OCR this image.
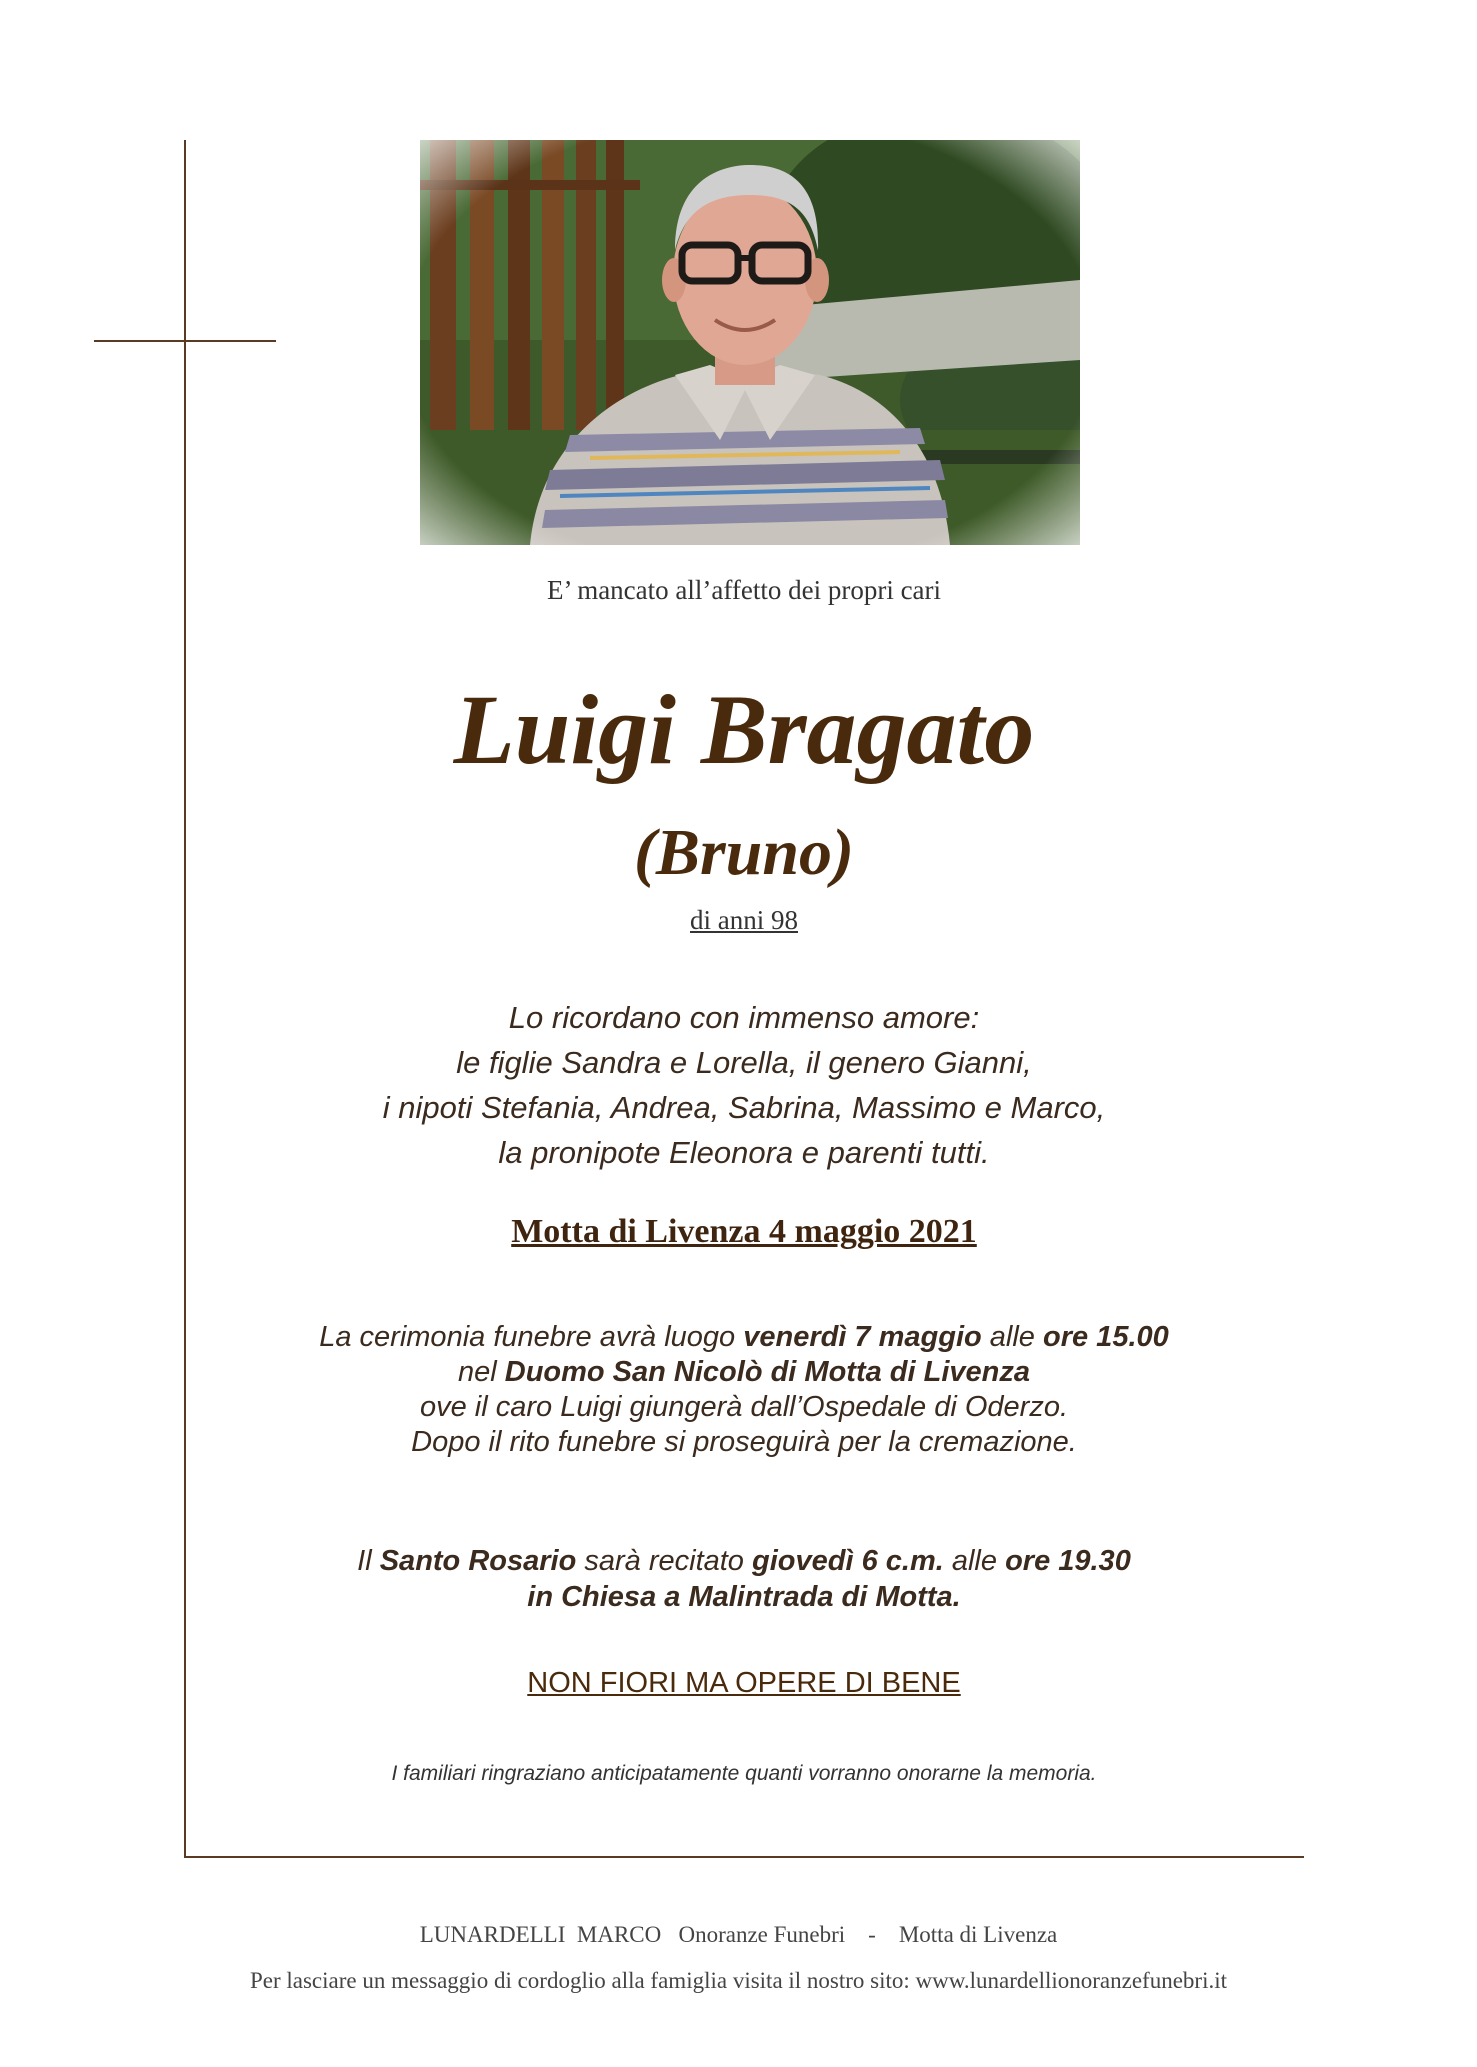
E’ mancato all’affetto dei propri cari
Luigi Bragato
(Bruno)
di anni 98
Lo ricordano con immenso amore:
le figlie Sandra e Lorella, il genero Gianni,
i nipoti Stefania, Andrea, Sabrina, Massimo e Marco,
la pronipote Eleonora e parenti tutti.
Motta di Livenza 4 maggio 2021
La cerimonia funebre avrà luogo venerdì 7 maggio alle ore 15.00
nel Duomo San Nicolò di Motta di Livenza
ove il caro Luigi giungerà dall’Ospedale di Oderzo.
Dopo il rito funebre si proseguirà per la cremazione.
Il Santo Rosario sarà recitato giovedì 6 c.m. alle ore 19.30
in Chiesa a Malintrada di Motta.
NON FIORI MA OPERE DI BENE
I familiari ringraziano anticipatamente quanti vorranno onorarne la memoria.
LUNARDELLI  MARCO   Onoranze Funebri    -    Motta di Livenza
Per lasciare un messaggio di cordoglio alla famiglia visita il nostro sito: www.lunardellionoranzefunebri.it
